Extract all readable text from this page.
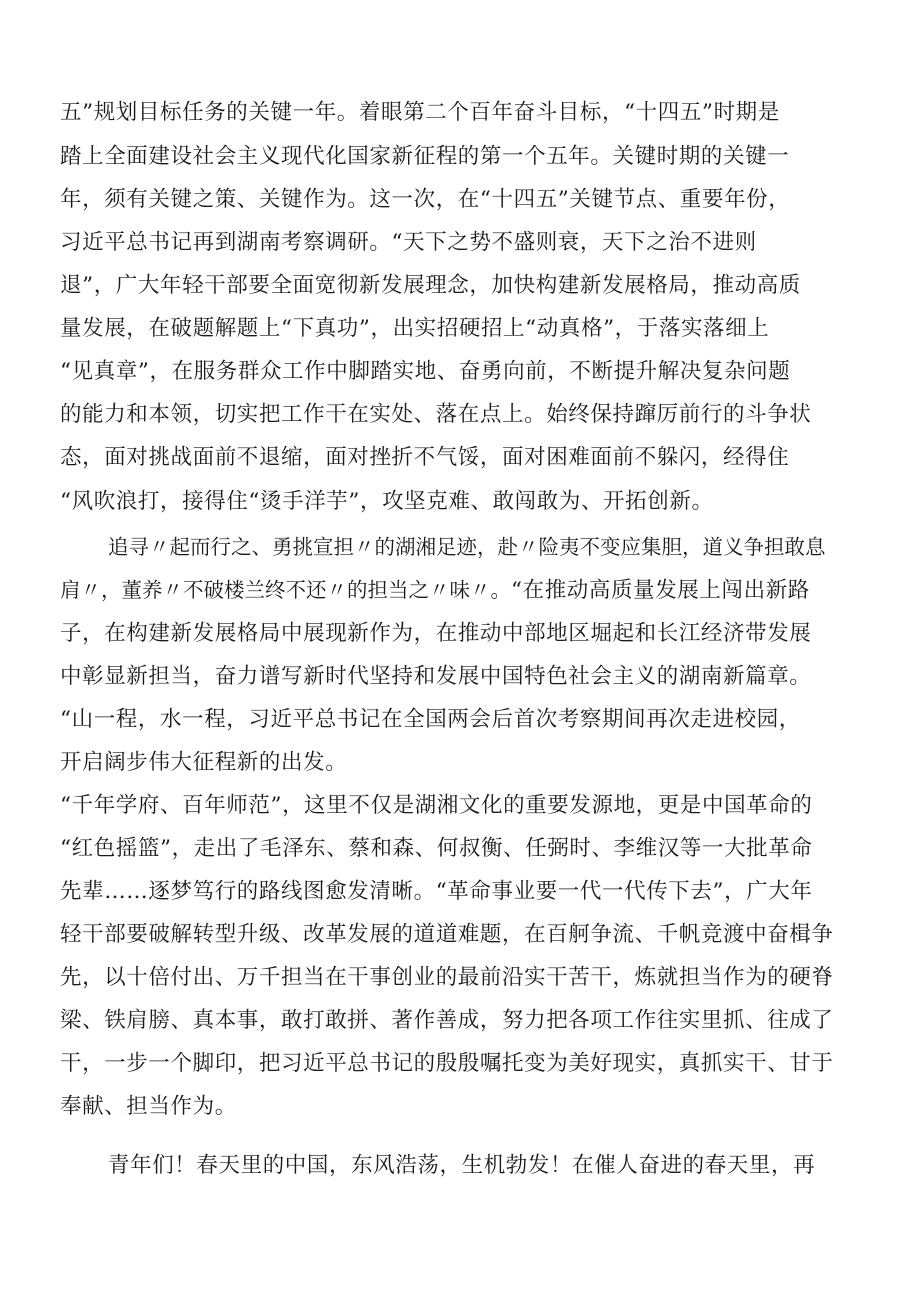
五”规划目标任务的关键一年。着眼第二个百年奋斗目标，“十四五”时期是

踏上全面建设社会主义现代化国家新征程的第一个五年。关键时期的关键一

年，须有关键之策、关键作为。这一次，在“十四五”关键节点、重要年份，

习近平总书记再到湖南考察调研。“天下之势不盛则衰，天下之治不进则

退”，广大年轻干部要全面宽彻新发展理念，加快构建新发展格局，推动高质

量发展，在破题解题上“下真功”，出实招硬招上“动真格”，于落实落细上

“见真章”，在服务群众工作中脚踏实地、奋勇向前，不断提升解决复杂问题

的能力和本领，切实把工作干在实处、落在点上。始终保持蹿厉前行的斗争状

态，面对挑战面前不退缩，面对挫折不气馁，面对困难面前不躲闪，经得住

“风吹浪打，接得住“烫手洋芋”，攻坚克难、敢闯敢为、开拓创新。

追寻〃起而行之、勇挑宣担〃的湖湘足迹，赴〃险夷不变应集胆，道义争担敢息

肩〃，董养〃不破楼兰终不还〃的担当之〃味〃。“在推动高质量发展上闯出新路

子，在构建新发展格局中展现新作为，在推动中部地区堀起和长江经济带发展

中彰显新担当，奋力谱写新时代坚持和发展中国特色社会主义的湖南新篇章。

“山一程，水一程，习近平总书记在全国两会后首次考察期间再次走进校园，

开启阔步伟大征程新的出发。

“千年学府、百年师范”，这里不仅是湖湘文化的重要发源地，更是中国革命的

“红色摇篮”，走出了毛泽东、蔡和森、何叔衡、任弼时、李维汉等一大批革命

先辈……逐梦笃行的路线图愈发清晰。“革命事业要一代一代传下去”，广大年

轻干部要破解转型升级、改革发展的道道难题，在百舸争流、千帆竞渡中奋楫争

先，以十倍付出、万千担当在干事创业的最前沿实干苦干，炼就担当作为的硬脊

梁、铁肩膀、真本事，敢打敢拼、著作善成，努力把各项工作往实里抓、往成了

干，一步一个脚印，把习近平总书记的殷殷嘱托变为美好现实，真抓实干、甘于

奉献、担当作为。

青年们！春天里的中国，东风浩荡，生机勃发！在催人奋进的春天里，再
